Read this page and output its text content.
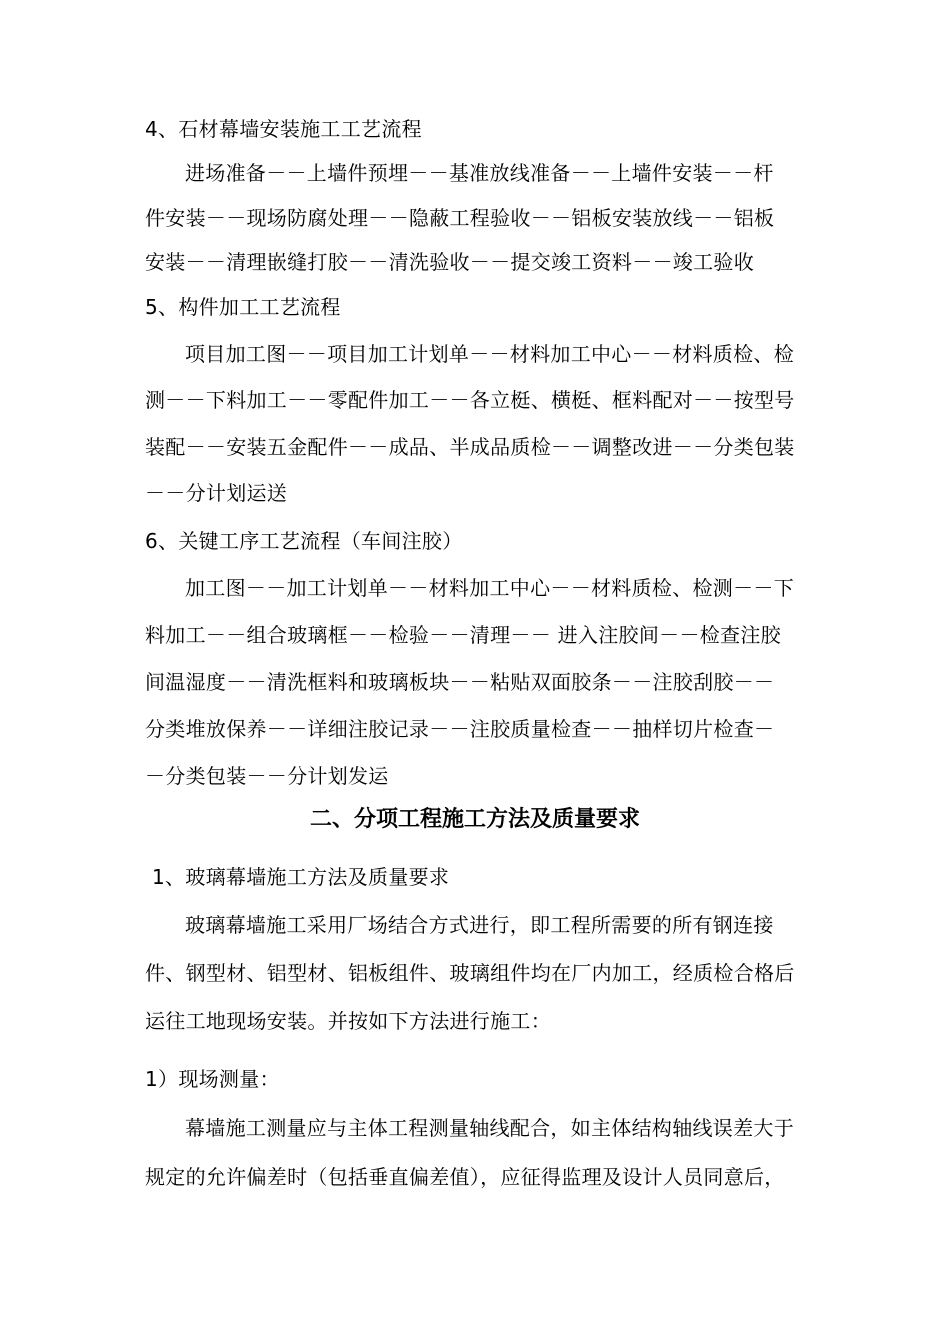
4、石材幕墙安装施工工艺流程
进场准备－－上墙件预埋－－基准放线准备－－上墙件安装－－杆
件安装－－现场防腐处理－－隐蔽工程验收－－铝板安装放线－－铝板
安装－－清理嵌缝打胶－－清洗验收－－提交竣工资料－－竣工验收
5、构件加工工艺流程
项目加工图－－项目加工计划单－－材料加工中心－－材料质检、检
测－－下料加工－－零配件加工－－各立梃、横梃、框料配对－－按型号
装配－－安装五金配件－－成品、半成品质检－－调整改进－－分类包装
－－分计划运送
6、关键工序工艺流程（车间注胶）
加工图－－加工计划单－－材料加工中心－－材料质检、检测－－下
料加工－－组合玻璃框－－检验－－清理－－ 进入注胶间－－检查注胶
间温湿度－－清洗框料和玻璃板块－－粘贴双面胶条－－注胶刮胶－－
分类堆放保养－－详细注胶记录－－注胶质量检查－－抽样切片检查－
－分类包装－－分计划发运
二、分项工程施工方法及质量要求
1、玻璃幕墙施工方法及质量要求
玻璃幕墙施工采用厂场结合方式进行，即工程所需要的所有钢连接
件、钢型材、铝型材、铝板组件、玻璃组件均在厂内加工，经质检合格后
运往工地现场安装。并按如下方法进行施工：
1）现场测量：
幕墙施工测量应与主体工程测量轴线配合，如主体结构轴线误差大于
规定的允许偏差时（包括垂直偏差值），应征得监理及设计人员同意后，
